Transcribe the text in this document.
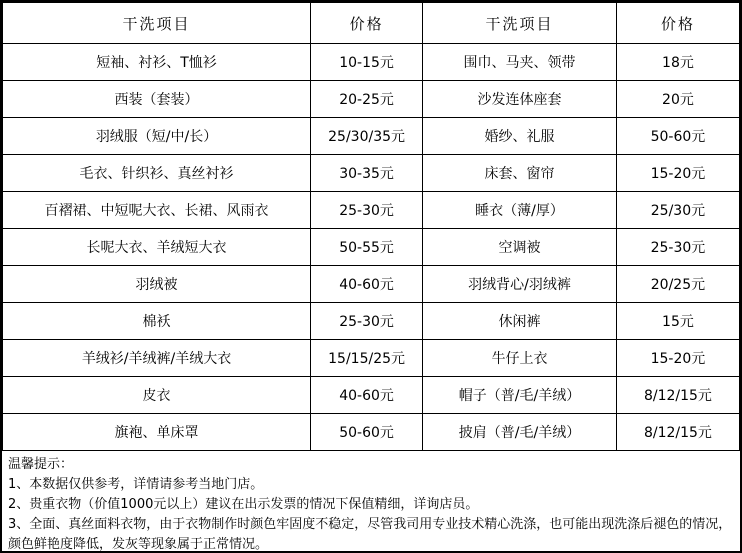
干洗项目	价格	干洗项目	价格
短袖、衬衫、T恤衫	10-15元	围巾、马夹、领带	18元
西装（套装）	20-25元	沙发连体座套	20元
羽绒服（短/中/长）	25/30/35元	婚纱、礼服	50-60元
毛衣、针织衫、真丝衬衫	30-35元	床套、窗帘	15-20元
百褶裙、中短呢大衣、长裙、风雨衣	25-30元	睡衣（薄/厚）	25/30元
长呢大衣、羊绒短大衣	50-55元	空调被	25-30元
羽绒被	40-60元	羽绒背心/羽绒裤	20/25元
棉袄	25-30元	休闲裤	15元
羊绒衫/羊绒裤/羊绒大衣	15/15/25元	牛仔上衣	15-20元
皮衣	40-60元	帽子（普/毛/羊绒）	8/12/15元
旗袍、单床罩	50-60元	披肩（普/毛/羊绒）	8/12/15元

温馨提示：

1、本数据仅供参考，详情请参考当地门店。

2、贵重衣物（价值1000元以上）建议在出示发票的情况下保值精细，详询店员。

3、全面、真丝面料衣物，由于衣物制作时颜色牢固度不稳定，尽管我司用专业技术精心洗涤，也可能出现洗涤后褪色的情况，颜色鲜艳度降低，发灰等现象属于正常情况。
